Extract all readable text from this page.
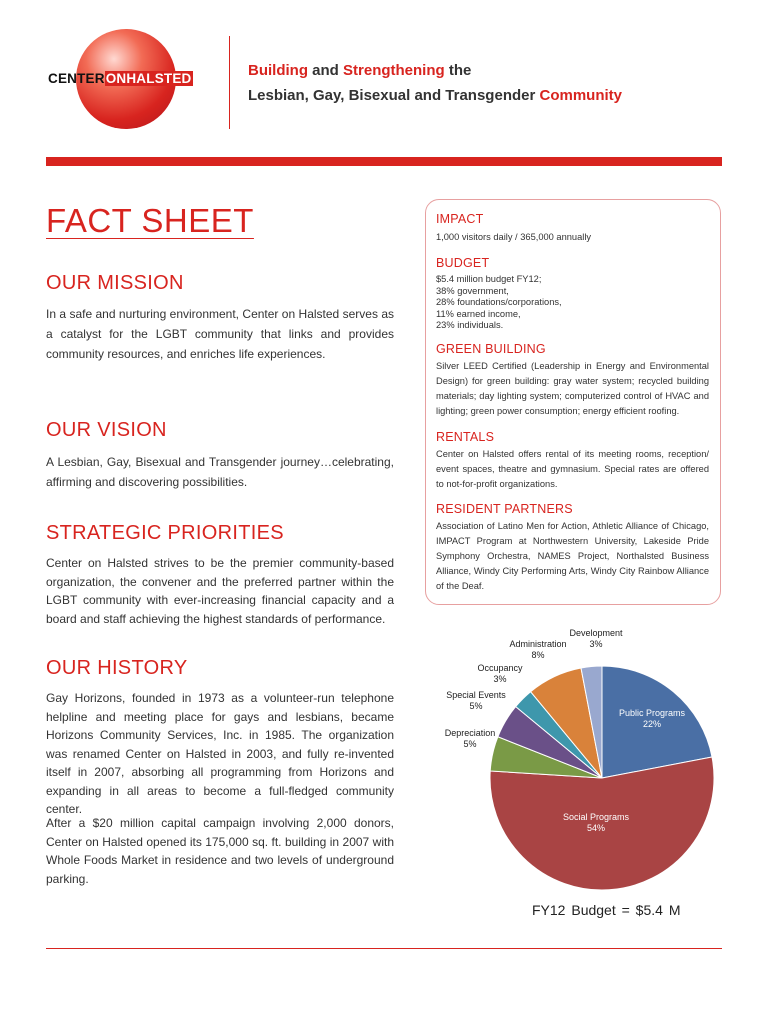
CENTERONHALSTED	Building and Strengthening the
Lesbian, Gay, Bisexual and Transgender Community
FACT SHEET
OUR MISSION
In a safe and nurturing environment, Center on Halsted serves as a catalyst for the LGBT community that links and provides community resources, and enriches life experiences.
OUR VISION
A Lesbian, Gay, Bisexual and Transgender journey…celebrating, affirming and discovering possibilities.
STRATEGIC PRIORITIES
Center on Halsted strives to be the premier community-based organization, the convener and the preferred partner within the LGBT community with ever-increasing financial capacity and a board and staff achieving the highest standards of performance.
OUR HISTORY
Gay Horizons, founded in 1973 as a volunteer-run telephone helpline and meeting place for gays and lesbians, became Horizons Community Services, Inc. in 1985. The organization was renamed Center on Halsted in 2003, and fully re-invented itself in 2007, absorbing all programming from Horizons and expanding in all areas to become a full-fledged community center.
After a $20 million capital campaign involving 2,000 donors, Center on Halsted opened its 175,000 sq. ft. building in 2007 with Whole Foods Market in residence and two levels of underground parking.
IMPACT
1,000 visitors daily / 365,000 annually
BUDGET
$5.4 million budget FY12;
38% government,
28% foundations/corporations,
11% earned income,
23% individuals.
GREEN BUILDING
Silver LEED Certified (Leadership in Energy and Environmental Design) for green building: gray water system; recycled building materials; day lighting system; computerized control of HVAC and lighting; green power consumption; energy efficient roofing.
RENTALS
Center on Halsted offers rental of its meeting rooms, reception/ event spaces, theatre and gymnasium. Special rates are offered to not-for-profit organizations.
RESIDENT PARTNERS
Association of Latino Men for Action, Athletic Alliance of Chicago, IMPACT Program at Northwestern University, Lakeside Pride Symphony Orchestra, NAMES Project, Northalsted Business Alliance, Windy City Performing Arts, Windy City Rainbow Alliance of the Deaf.
Public Programs
22%
Social Programs
54%
Depreciation
5%
Special Events
5%
Occupancy
3%
Administration
8%
Development
3%
FY12 Budget = $5.4 M
